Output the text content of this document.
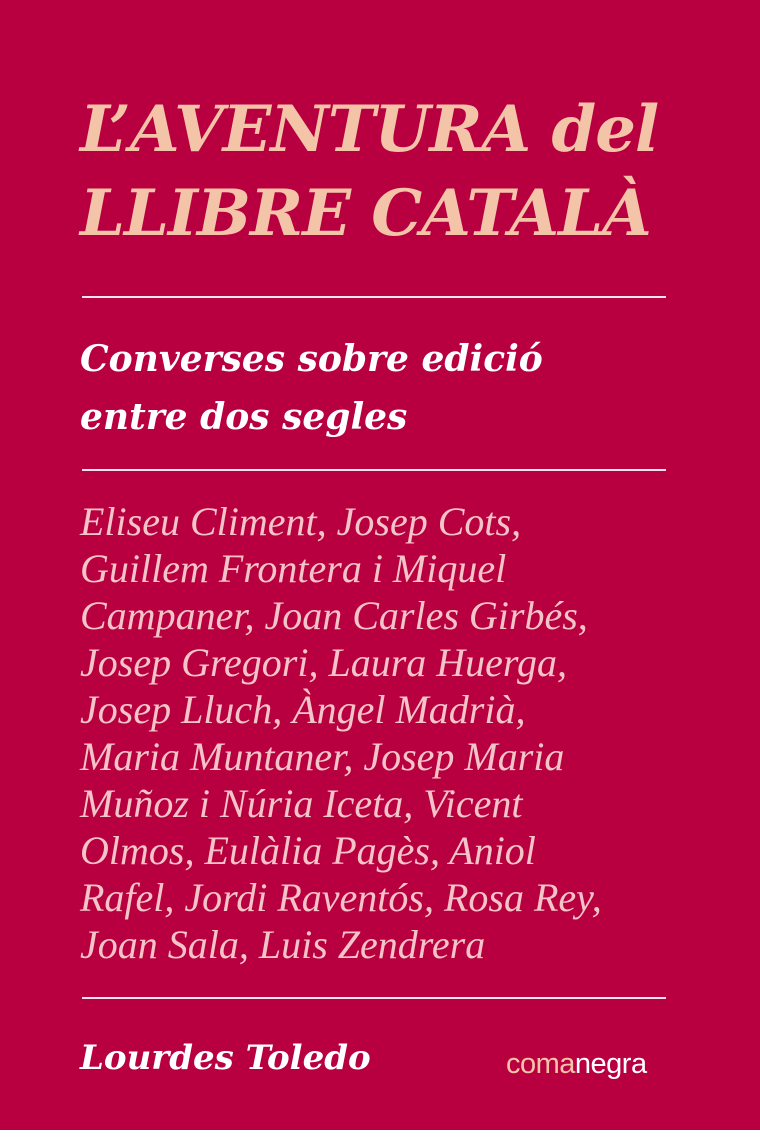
L’AVENTURA del
LLIBRE CATALÀ
Converses sobre edició
entre dos segles
Eliseu Climent, Josep Cots,
Guillem Frontera i Miquel
Campaner, Joan Carles Girbés,
Josep Gregori, Laura Huerga,
Josep Lluch, Àngel Madrià,
Maria Muntaner, Josep Maria
Muñoz i Núria Iceta, Vicent
Olmos, Eulàlia Pagès, Aniol
Rafel, Jordi Raventós, Rosa Rey,
Joan Sala, Luis Zendrera
Lourdes Toledo	comanegra
